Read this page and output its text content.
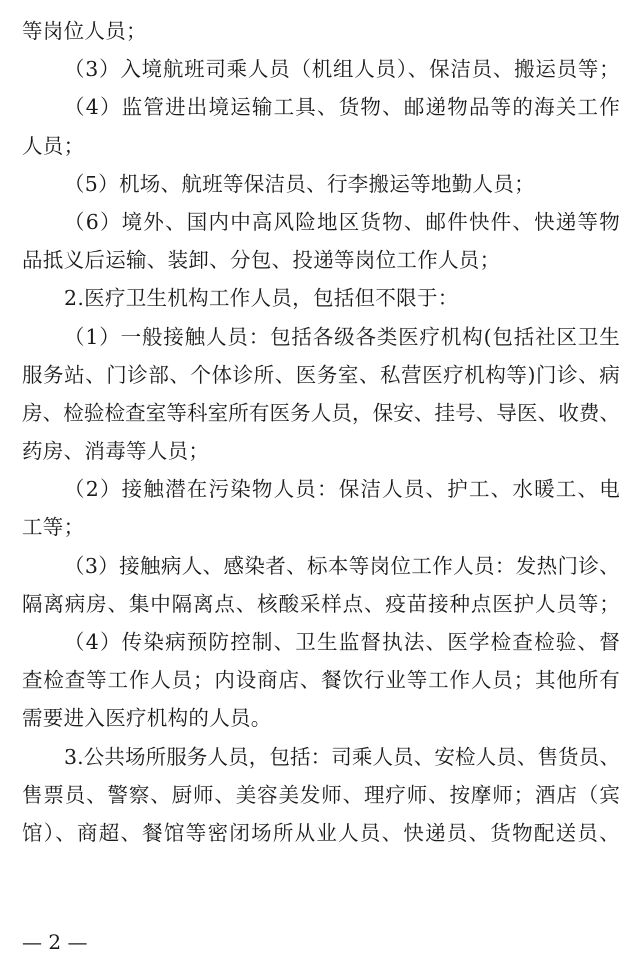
等岗位人员；
（3）入境航班司乘人员（机组人员）、保洁员、搬运员等；
（4）监管进出境运输工具、货物、邮递物品等的海关工作
人员；
（5）机场、航班等保洁员、行李搬运等地勤人员；
（6）境外、国内中高风险地区货物、邮件快件、快递等物
品抵义后运输、装卸、分包、投递等岗位工作人员；
2.医疗卫生机构工作人员，包括但不限于：
（1）一般接触人员：包括各级各类医疗机构(包括社区卫生
服务站、门诊部、个体诊所、医务室、私营医疗机构等)门诊、病
房、检验检查室等科室所有医务人员，保安、挂号、导医、收费、
药房、消毒等人员；
（2）接触潜在污染物人员：保洁人员、护工、水暖工、电
工等；
（3）接触病人、感染者、标本等岗位工作人员：发热门诊、
隔离病房、集中隔离点、核酸采样点、疫苗接种点医护人员等；
（4）传染病预防控制、卫生监督执法、医学检查检验、督
查检查等工作人员；内设商店、餐饮行业等工作人员；其他所有
需要进入医疗机构的人员。
3.公共场所服务人员，包括：司乘人员、安检人员、售货员、
售票员、警察、厨师、美容美发师、理疗师、按摩师；酒店（宾
馆）、商超、餐馆等密闭场所从业人员、快递员、货物配送员、
— 2 —
